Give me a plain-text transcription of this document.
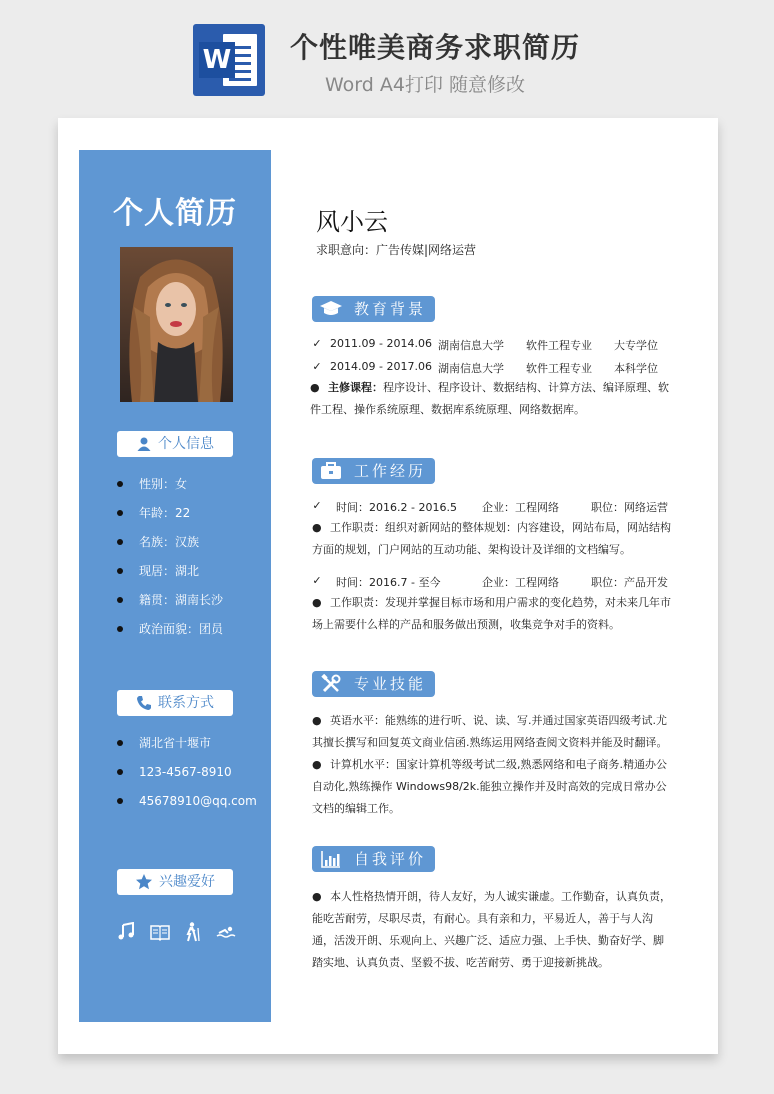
W 个性唯美商务求职简历
Word A4打印 随意修改
个人简历
个人信息
性别：女
年龄：22
名族：汉族
现居：湖北
籍贯：湖南长沙
政治面貌：团员
联系方式
湖北省十堰市
123-4567-8910
45678910@qq.com
兴趣爱好
风小云
求职意向：广告传媒|网络运营
教育背景
✓ 2011.09 - 2014.06 湖南信息大学 软件工程专业 大专学位
✓ 2014.09 - 2017.06 湖南信息大学 软件工程专业 本科学位
● 主修课程：程序设计、程序设计、数据结构、计算方法、编译原理、软件工程、操作系统原理、数据库系统原理、网络数据库。
工作经历
✓ 时间：2016.2 - 2016.5 企业：工程网络	职位：网络运营
● 工作职责：组织对新网站的整体规划：内容建设，网站布局，网站结构方面的规划，门户网站的互动功能、架构设计及详细的文档编写。
✓ 时间：2016.7 - 至今	企业：工程网络	职位：产品开发
● 工作职责：发现并掌握目标市场和用户需求的变化趋势，对未来几年市场上需要什么样的产品和服务做出预测，收集竞争对手的资料。
专业技能
● 英语水平：能熟练的进行听、说、读、写.并通过国家英语四级考试.尤其擅长撰写和回复英文商业信函.熟练运用网络查阅文资料并能及时翻译。
● 计算机水平：国家计算机等级考试二级,熟悉网络和电子商务.精通办公自动化,熟练操作 Windows98/2k.能独立操作并及时高效的完成日常办公文档的编辑工作。
自我评价
● 本人性格热情开朗，待人友好，为人诚实谦虚。工作勤奋，认真负责，能吃苦耐劳，尽职尽责，有耐心。具有亲和力，平易近人，善于与人沟通，活泼开朗、乐观向上、兴趣广泛、适应力强、上手快、勤奋好学、脚踏实地、认真负责、坚毅不拔、吃苦耐劳、勇于迎接新挑战。
